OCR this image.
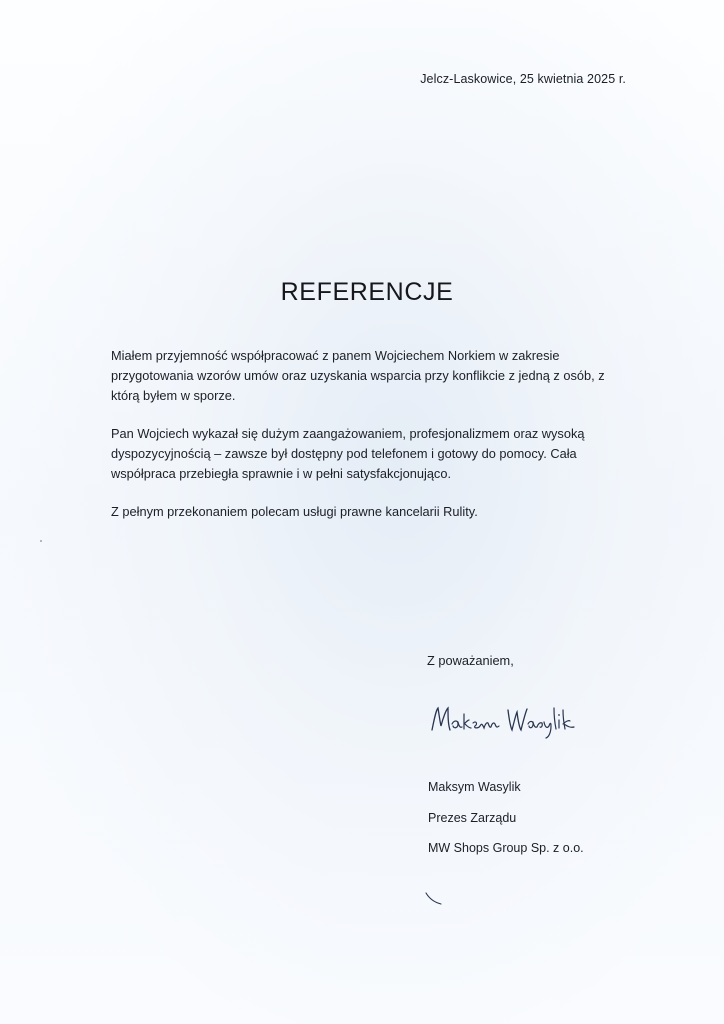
Jelcz-Laskowice, 25 kwietnia 2025 r.
REFERENCJE

Miałem przyjemność współpracować z panem Wojciechem Norkiem w zakresie przygotowania wzorów umów oraz uzyskania wsparcia przy konflikcie z jedną z osób, z którą byłem w sporze.

Pan Wojciech wykazał się dużym zaangażowaniem, profesjonalizmem oraz wysoką dyspozycyjnością – zawsze był dostępny pod telefonem i gotowy do pomocy. Cała współpraca przebiegła sprawnie i w pełni satysfakcjonująco.

Z pełnym przekonaniem polecam usługi prawne kancelarii Rulity.

Z poważaniem,
Maksym Wasylik
Prezes Zarządu
MW Shops Group Sp. z o.o.
